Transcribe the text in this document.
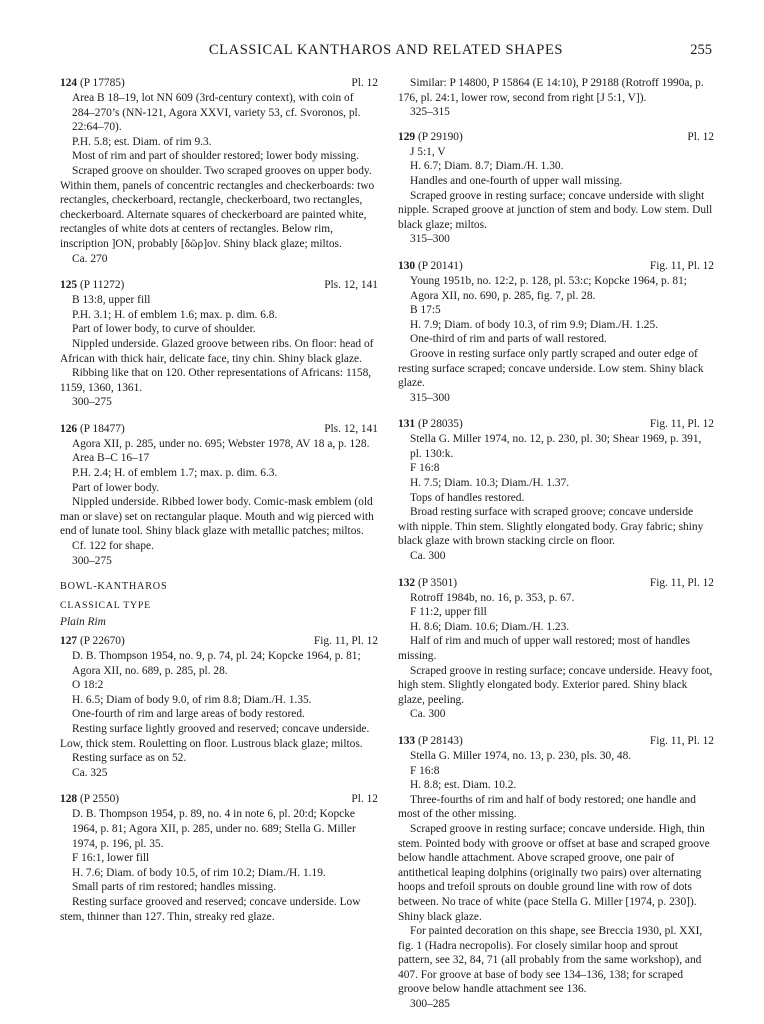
CLASSICAL KANTHAROS AND RELATED SHAPES	255
124 (P 17785)	Pl. 12

Area B 18–19, lot NN 609 (3rd-century context), with coin of 284–270’s (NN-121, Agora XXVI, variety 53, cf. Svoronos, pl. 22:64–70).

P.H. 5.8; est. Diam. of rim 9.3.

Most of rim and part of shoulder restored; lower body missing.

Scraped groove on shoulder. Two scraped grooves on upper body. Within them, panels of concentric rectangles and checkerboards: two rectangles, checkerboard, rectangle, checkerboard, two rectangles, checkerboard. Alternate squares of checkerboard are painted white, rectangles of white dots at centers of rectangles. Below rim, inscription ]ON, probably [δῶρ]ον. Shiny black glaze; miltos.

Ca. 270

125 (P 11272)	Pls. 12, 141

B 13:8, upper fill

P.H. 3.1; H. of emblem 1.6; max. p. dim. 6.8.

Part of lower body, to curve of shoulder.

Nippled underside. Glazed groove between ribs. On floor: head of African with thick hair, delicate face, tiny chin. Shiny black glaze.

Ribbing like that on 120. Other representations of Africans: 1158, 1159, 1360, 1361.

300–275

126 (P 18477)	Pls. 12, 141

Agora XII, p. 285, under no. 695; Webster 1978, AV 18 a, p. 128.

Area B–C 16–17

P.H. 2.4; H. of emblem 1.7; max. p. dim. 6.3.

Part of lower body.

Nippled underside. Ribbed lower body. Comic-mask emblem (old man or slave) set on rectangular plaque. Mouth and wig pierced with end of lunate tool. Shiny black glaze with metallic patches; miltos.

Cf. 122 for shape.

300–275

BOWL-KANTHAROS
CLASSICAL TYPE
Plain Rim
127 (P 22670)	Fig. 11, Pl. 12

D. B. Thompson 1954, no. 9, p. 74, pl. 24; Kopcke 1964, p. 81; Agora XII, no. 689, p. 285, pl. 28.

O 18:2

H. 6.5; Diam of body 9.0, of rim 8.8; Diam./H. 1.35.

One-fourth of rim and large areas of body restored.

Resting surface lightly grooved and reserved; concave underside. Low, thick stem. Rouletting on floor. Lustrous black glaze; miltos.

Resting surface as on 52.

Ca. 325

128 (P 2550)	Pl. 12

D. B. Thompson 1954, p. 89, no. 4 in note 6, pl. 20:d; Kopcke 1964, p. 81; Agora XII, p. 285, under no. 689; Stella G. Miller 1974, p. 196, pl. 35.

F 16:1, lower fill

H. 7.6; Diam. of body 10.5, of rim 10.2; Diam./H. 1.19.

Small parts of rim restored; handles missing.

Resting surface grooved and reserved; concave underside. Low stem, thinner than 127. Thin, streaky red glaze.

Similar: P 14800, P 15864 (E 14:10), P 29188 (Rotroff 1990a, p. 176, pl. 24:1, lower row, second from right [J 5:1, V]).

325–315

129 (P 29190)	Pl. 12

J 5:1, V

H. 6.7; Diam. 8.7; Diam./H. 1.30.

Handles and one-fourth of upper wall missing.

Scraped groove in resting surface; concave underside with slight nipple. Scraped groove at junction of stem and body. Low stem. Dull black glaze; miltos.

315–300

130 (P 20141)	Fig. 11, Pl. 12

Young 1951b, no. 12:2, p. 128, pl. 53:c; Kopcke 1964, p. 81; Agora XII, no. 690, p. 285, fig. 7, pl. 28.

B 17:5

H. 7.9; Diam. of body 10.3, of rim 9.9; Diam./H. 1.25.

One-third of rim and parts of wall restored.

Groove in resting surface only partly scraped and outer edge of resting surface scraped; concave underside. Low stem. Shiny black glaze.

315–300

131 (P 28035)	Fig. 11, Pl. 12

Stella G. Miller 1974, no. 12, p. 230, pl. 30; Shear 1969, p. 391, pl. 130:k.

F 16:8

H. 7.5; Diam. 10.3; Diam./H. 1.37.

Tops of handles restored.

Broad resting surface with scraped groove; concave underside with nipple. Thin stem. Slightly elongated body. Gray fabric; shiny black glaze with brown stacking circle on floor.

Ca. 300

132 (P 3501)	Fig. 11, Pl. 12

Rotroff 1984b, no. 16, p. 353, p. 67.

F 11:2, upper fill

H. 8.6; Diam. 10.6; Diam./H. 1.23.

Half of rim and much of upper wall restored; most of handles missing.

Scraped groove in resting surface; concave underside. Heavy foot, high stem. Slightly elongated body. Exterior pared. Shiny black glaze, peeling.

Ca. 300

133 (P 28143)	Fig. 11, Pl. 12

Stella G. Miller 1974, no. 13, p. 230, pls. 30, 48.

F 16:8

H. 8.8; est. Diam. 10.2.

Three-fourths of rim and half of body restored; one handle and most of the other missing.

Scraped groove in resting surface; concave underside. High, thin stem. Pointed body with groove or offset at base and scraped groove below handle attachment. Above scraped groove, one pair of antithetical leaping dolphins (originally two pairs) over alternating hoops and trefoil sprouts on double ground line with row of dots between. No trace of white (pace Stella G. Miller [1974, p. 230]). Shiny black glaze.

For painted decoration on this shape, see Breccia 1930, pl. XXI, fig. 1 (Hadra necropolis). For closely similar hoop and sprout pattern, see 32, 84, 71 (all probably from the same workshop), and 407. For groove at base of body see 134–136, 138; for scraped groove below handle attachment see 136.

300–285
